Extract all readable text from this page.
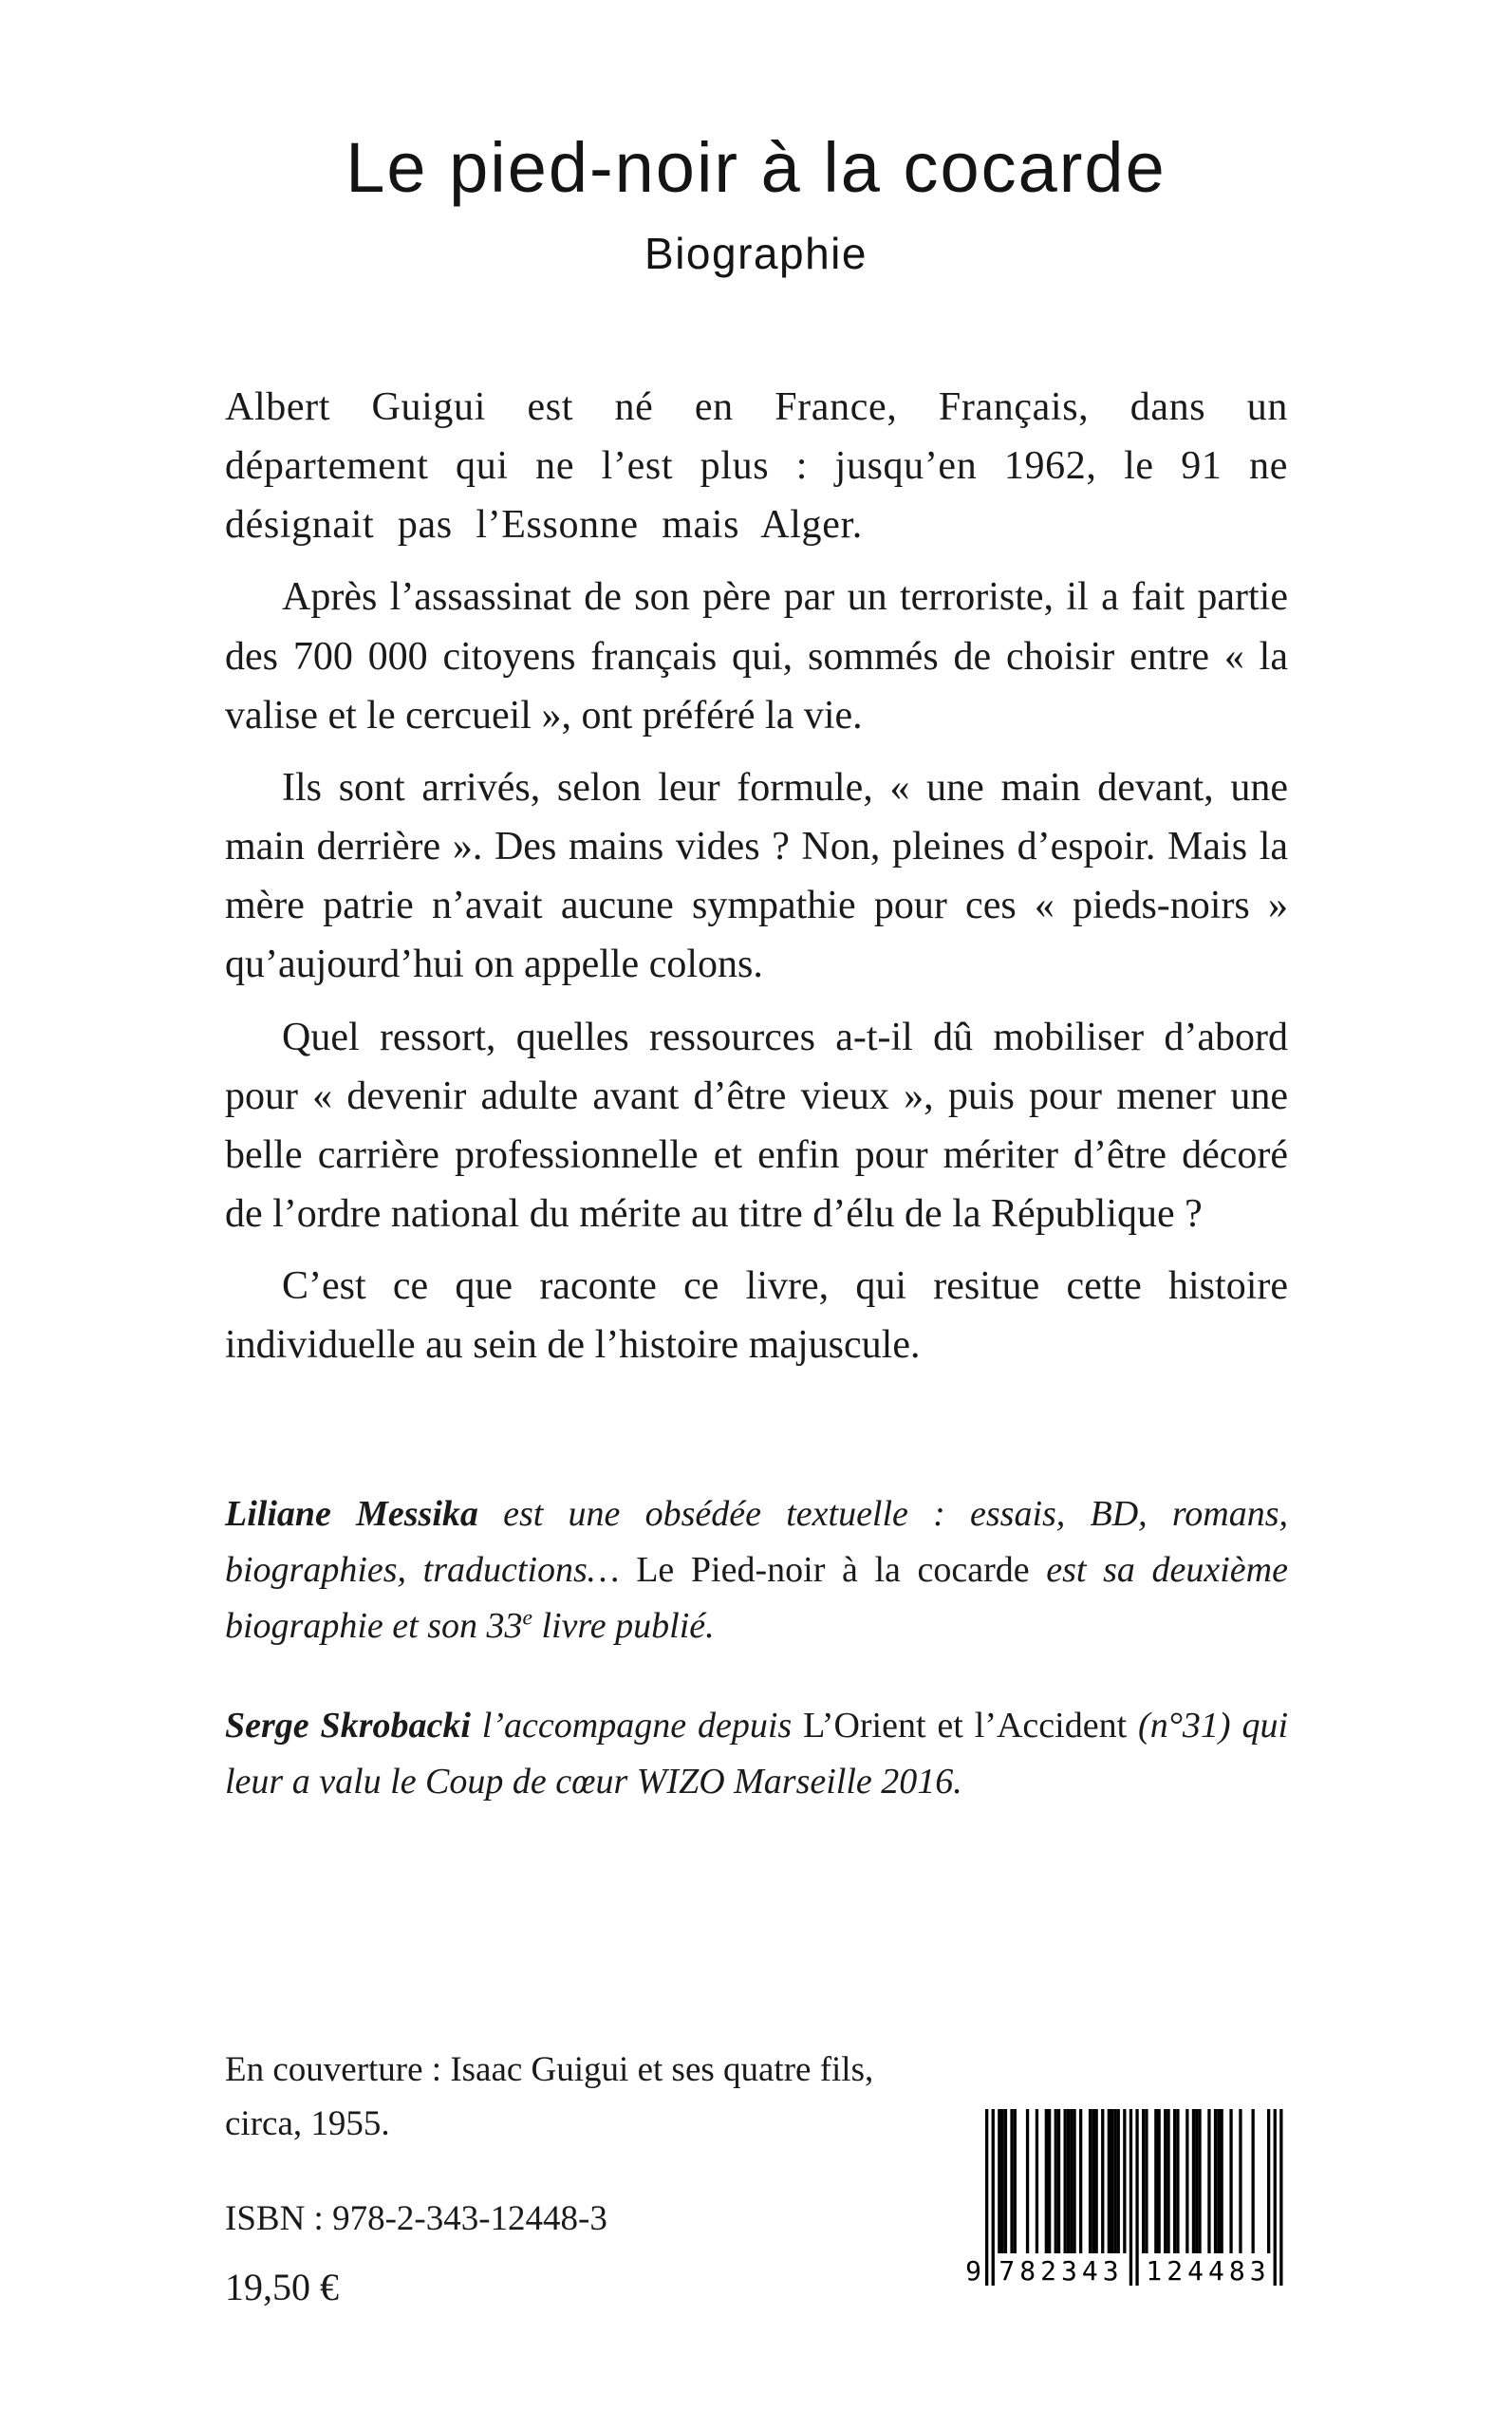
Le pied-noir à la cocarde
Biographie

Albert Guigui est né en France, Français, dans un département qui ne l’est plus : jusqu’en 1962, le 91 ne désignait pas l’Essonne mais Alger.

Après l’assassinat de son père par un terroriste, il a fait partie des 700 000 citoyens français qui, sommés de choisir entre « la valise et le cercueil », ont préféré la vie.

Ils sont arrivés, selon leur formule, « une main devant, une main derrière ». Des mains vides ? Non, pleines d’espoir. Mais la mère patrie n’avait aucune sympathie pour ces « pieds-noirs » qu’aujourd’hui on appelle colons.

Quel ressort, quelles ressources a-t-il dû mobiliser d’abord pour « devenir adulte avant d’être vieux », puis pour mener une belle carrière professionnelle et enfin pour mériter d’être décoré de l’ordre national du mérite au titre d’élu de la République ?

C’est ce que raconte ce livre, qui resitue cette histoire individuelle au sein de l’histoire majuscule.

Liliane Messika est une obsédée textuelle : essais, BD, romans, biographies, traductions… Le Pied-noir à la cocarde est sa deuxième biographie et son 33e livre publié.

Serge Skrobacki l’accompagne depuis L’Orient et l’Accident (n°31) qui leur a valu le Coup de cœur WIZO Marseille 2016.

En couverture : Isaac Guigui et ses quatre fils,
circa, 1955.
ISBN : 978-2-343-12448-3
19,50 €	9 782343 124483
